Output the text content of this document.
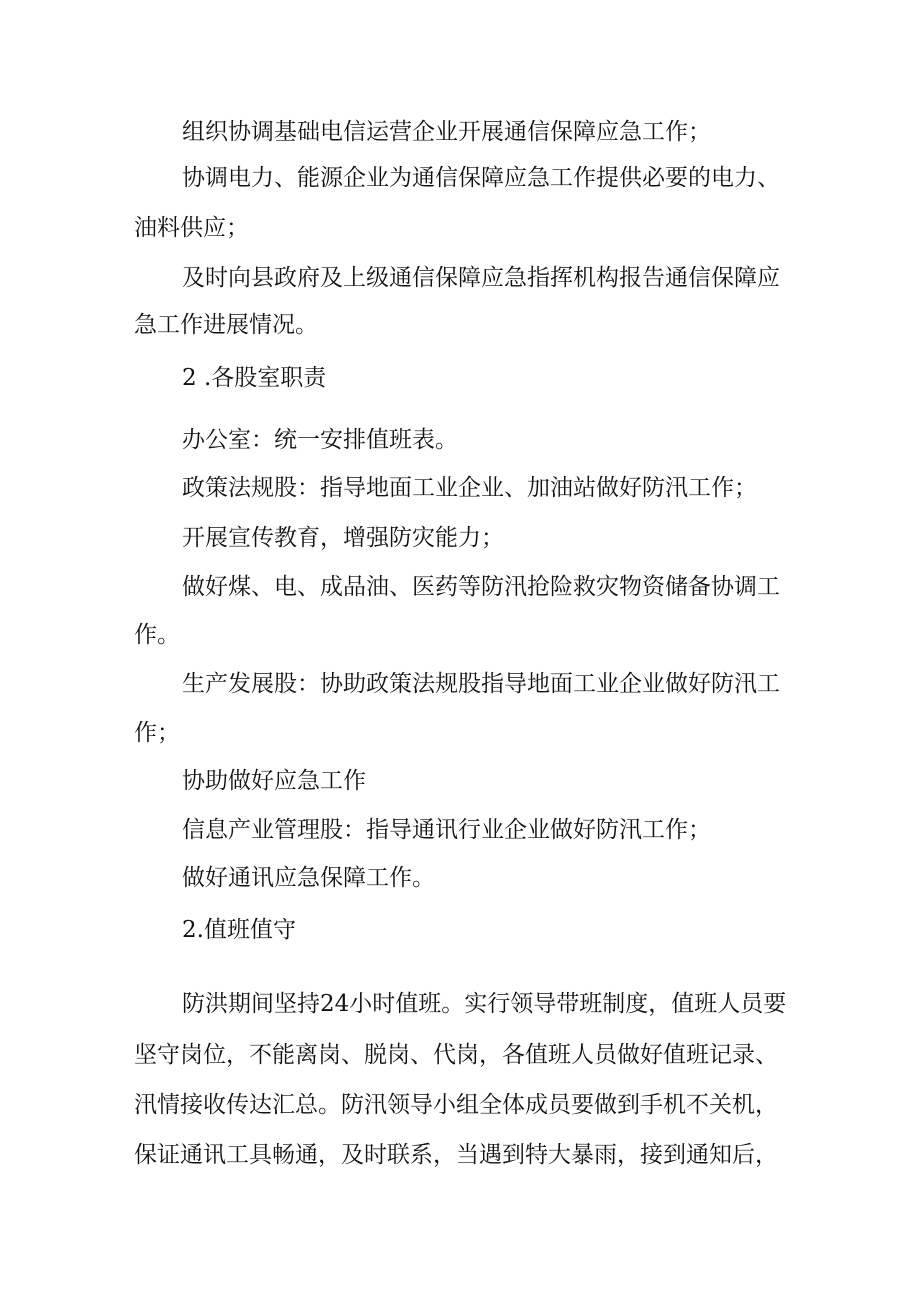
组织协调基础电信运营企业开展通信保障应急工作；
协调电力、能源企业为通信保障应急工作提供必要的电力、
油料供应；
及时向县政府及上级通信保障应急指挥机构报告通信保障应
急工作进展情况。
2 .各股室职责
办公室：统一安排值班表。
政策法规股：指导地面工业企业、加油站做好防汛工作；
开展宣传教育，增强防灾能力；
做好煤、电、成品油、医药等防汛抢险救灾物资储备协调工
作。
生产发展股：协助政策法规股指导地面工业企业做好防汛工
作；
协助做好应急工作
信息产业管理股：指导通讯行业企业做好防汛工作；
做好通讯应急保障工作。
2.值班值守
防洪期间坚持24小时值班。实行领导带班制度，值班人员要
坚守岗位，不能离岗、脱岗、代岗，各值班人员做好值班记录、
汛情接收传达汇总。防汛领导小组全体成员要做到手机不关机，
保证通讯工具畅通，及时联系，当遇到特大暴雨，接到通知后，
